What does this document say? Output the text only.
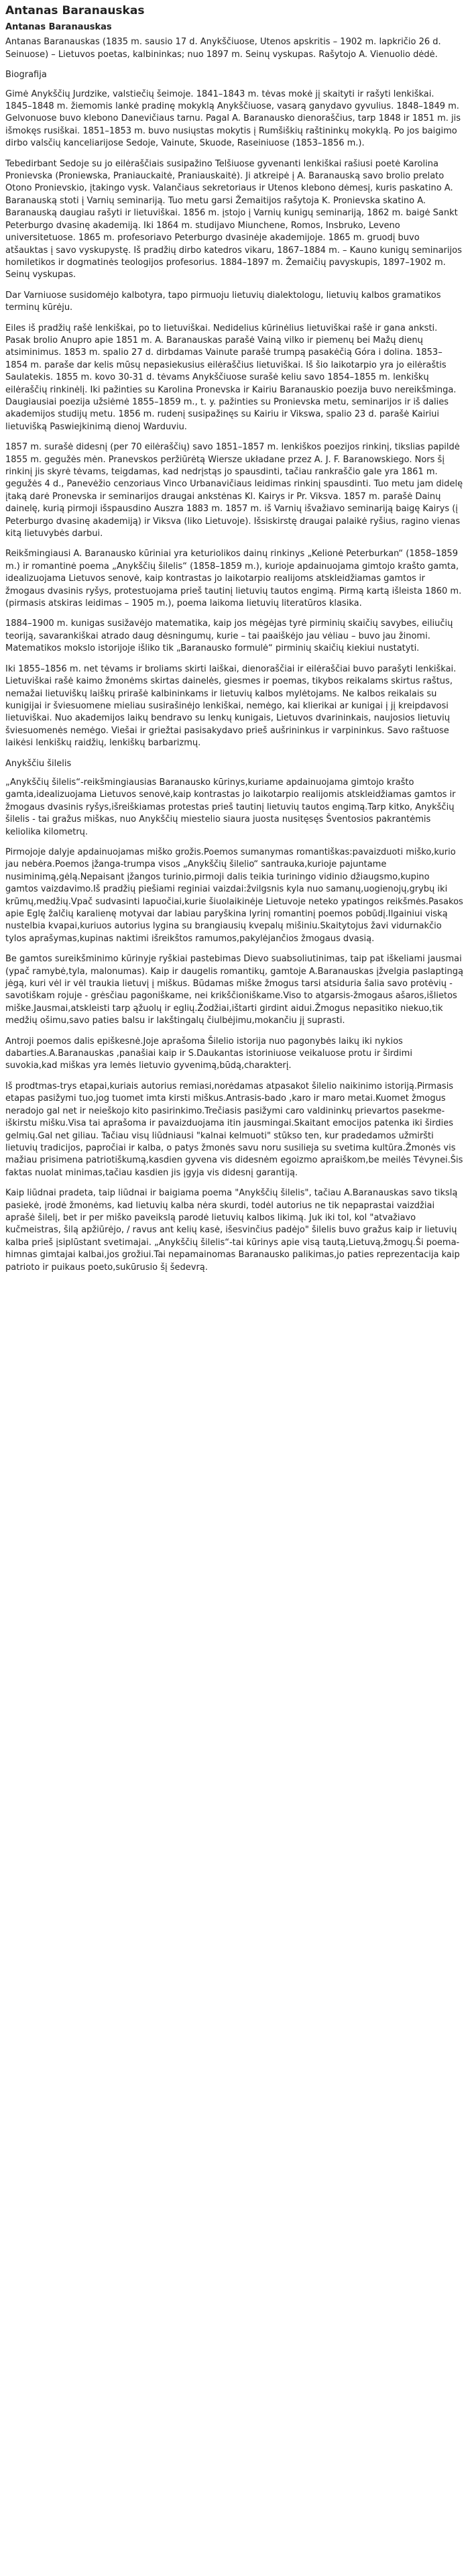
Antanas Baranauskas
Antanas Baranauskas

Antanas Baranauskas (1835 m. sausio 17 d. Anykščiuose, Utenos apskritis – 1902 m. lapkričio 26 d. Seinuose) – Lietuvos poetas, kalbininkas; nuo 1897 m. Seinų vyskupas. Rašytojo A. Vienuolio dėdė.

Biografija

Gimė Anykščių Jurdzike, valstiečių šeimoje. 1841–1843 m. tėvas mokė jį skaityti ir rašyti lenkiškai. 1845–1848 m. žiemomis lankė pradinę mokyklą Anykščiuose, vasarą ganydavo gyvulius. 1848–1849 m. Gelvonuose buvo klebono Danevičiaus tarnu. Pagal A. Baranausko dienoraščius, tarp 1848 ir 1851 m. jis išmokęs rusiškai. 1851–1853 m. buvo nusiųstas mokytis į Rumšiškių raštininkų mokyklą. Po jos baigimo dirbo valsčių kanceliarijose Sedoje, Vainute, Skuode, Raseiniuose (1853–1856 m.).

Tebedirbant Sedoje su jo eilėraščiais susipažino Telšiuose gyvenanti lenkiškai rašiusi poetė Karolina Pronievska (Proniewska, Praniauckaitė, Praniauskaitė). Ji atkreipė į A. Baranauską savo brolio prelato Otono Pronievskio, įtakingo vysk. Valančiaus sekretoriaus ir Utenos klebono dėmesį, kuris paskatino A. Baranauską stoti į Varnių seminariją. Tuo metu garsi Žemaitijos rašytoja K. Pronievska skatino A. Baranauską daugiau rašyti ir lietuviškai. 1856 m. įstojo į Varnių kunigų seminariją, 1862 m. baigė Sankt Peterburgo dvasinę akademiją. Iki 1864 m. studijavo Miunchene, Romos, Insbruko, Leveno universitetuose. 1865 m. profesoriavo Peterburgo dvasinėje akademijoje. 1865 m. gruodį buvo atšauktas į savo vyskupystę. Iš pradžių dirbo katedros vikaru, 1867–1884 m. – Kauno kunigų seminarijos homiletikos ir dogmatinės teologijos profesorius. 1884–1897 m. Žemaičių pavyskupis, 1897–1902 m. Seinų vyskupas.

Dar Varniuose susidomėjo kalbotyra, tapo pirmuoju lietuvių dialektologu, lietuvių kalbos gramatikos terminų kūrėju.

Eiles iš pradžių rašė lenkiškai, po to lietuviškai. Nedidelius kūrinėlius lietuviškai rašė ir gana anksti. Pasak brolio Anupro apie 1851 m. A. Baranauskas parašė Vainą vilko ir piemenų bei Mažų dienų atsiminimus. 1853 m. spalio 27 d. dirbdamas Vainute parašė trumpą pasakėčią Góra i dolina. 1853–1854 m. paraše dar kelis mūsų nepasiekusius eilėraščius lietuviškai. Iš šio laikotarpio yra jo eilėraštis Saulatekis. 1855 m. kovo 30-31 d. tėvams Anykščiuose surašė keliu savo 1854–1855 m. lenkiškų eilėraščių rinkinėlį. Iki pažinties su Karolina Pronevska ir Kairiu Baranauskio poezija buvo nereikšminga. Daugiausiai poezija užsiėmė 1855–1859 m., t. y. pažinties su Pronievska metu, seminarijos ir iš dalies akademijos studijų metu. 1856 m. rudenį susipažinęs su Kairiu ir Vikswa, spalio 23 d. parašė Kairiui lietuvišką Paswiejkinimą dienoj Warduviu.

1857 m. surašė didesnį (per 70 eilėraščių) savo 1851–1857 m. lenkiškos poezijos rinkinį, tikslias papildė 1855 m. gegužės mėn. Pranevskos peržiūrėtą Wiersze układane przez A. J. F. Baranowskiego. Nors šį rinkinį jis skyrė tėvams, teigdamas, kad nedrįstąs jo spausdinti, tačiau rankraščio gale yra 1861 m. gegužės 4 d., Panevėžio cenzoriaus Vinco Urbanavičiaus leidimas rinkinį spausdinti. Tuo metu jam didelę įtaką darė Pronevska ir seminarijos draugai ankstėnas Kl. Kairys ir Pr. Viksva. 1857 m. parašė Dainų dainelę, kurią pirmoji išspausdino Auszra 1883 m. 1857 m. iš Varnių išvažiavo seminariją baigę Kairys (į Peterburgo dvasinę akademiją) ir Viksva (liko Lietuvoje). Išsiskirstę draugai palaikė ryšius, ragino vienas kitą lietuvybės darbui.

Reikšmingiausi A. Baranausko kūriniai yra keturiolikos dainų rinkinys „Kelionė Peterburkan“ (1858–1859 m.) ir romantinė poema „Anykščių šilelis“ (1858–1859 m.), kurioje apdainuojama gimtojo krašto gamta, idealizuojama Lietuvos senovė, kaip kontrastas jo laikotarpio realijoms atskleidžiamas gamtos ir žmogaus dvasinis ryšys, protestuojama prieš tautinį lietuvių tautos engimą. Pirmą kartą išleista 1860 m. (pirmasis atskiras leidimas – 1905 m.), poema laikoma lietuvių literatūros klasika.

1884–1900 m. kunigas susižavėjo matematika, kaip jos mėgėjas tyrė pirminių skaičių savybes, eiliučių teoriją, savarankiškai atrado daug dėsningumų, kurie – tai paaiškėjo jau vėliau – buvo jau žinomi. Matematikos mokslo istorijoje išliko tik „Baranausko formulė“ pirminių skaičių kiekiui nustatyti.

Iki 1855–1856 m. net tėvams ir broliams skirti laiškai, dienoraščiai ir eilėraščiai buvo parašyti lenkiškai. Lietuviškai rašė kaimo žmonėms skirtas dainelės, giesmes ir poemas, tikybos reikalams skirtus raštus, nemažai lietuviškų laiškų prirašė kalbininkams ir lietuvių kalbos mylėtojams. Ne kalbos reikalais su kunigijai ir šviesuomene mieliau susirašinėjo lenkiškai, nemėgo, kai klierikai ar kunigai į jį kreipdavosi lietuviškai. Nuo akademijos laikų bendravo su lenkų kunigais, Lietuvos dvarininkais, naujosios lietuvių šviesuomenės nemėgo. Viešai ir griežtai pasisakydavo prieš aušrininkus ir varpininkus. Savo raštuose laikėsi lenkiškų raidžių, lenkiškų barbarizmų.

Anykščiu šilelis

„Anykščių šilelis“-reikšmingiausias Baranausko kūrinys,kuriame apdainuojama gimtojo krašto gamta,idealizuojama Lietuvos senovė,kaip kontrastas jo laikotarpio realijomis atskleidžiamas gamtos ir žmogaus dvasinis ryšys,išreiškiamas protestas prieš tautinį lietuvių tautos engimą.Tarp kitko, Anykščių šilelis - tai gražus miškas, nuo Anykščių miestelio siaura juosta nusitęsęs Šventosios pakrantėmis keliolika kilometrų.

Pirmojoje dalyje apdainuojamas miško grožis.Poemos sumanymas romantiškas:pavaizduoti miško,kurio jau nebėra.Poemos įžanga-trumpa visos „Anykščių šilelio“ santrauka,kurioje pajuntame nusiminimą,gėlą.Nepaisant įžangos turinio,pirmoji dalis teikia turiningo vidinio džiaugsmo,kupino gamtos vaizdavimo.Iš pradžių piešiami reginiai vaizdai:žvilgsnis kyla nuo samanų,uogienojų,grybų iki krūmų,medžių.Vpač sudvasinti lapuočiai,kurie šiuolaikinėje Lietuvoje neteko ypatingos reikšmės.Pasakos apie Eglę žalčių karalienę motyvai dar labiau paryškina lyrinį romantinį poemos pobūdį.Ilgainiui viską nustelbia kvapai,kuriuos autorius lygina su brangiausių kvepalų mišiniu.Skaitytojus žavi vidurnakčio tylos aprašymas,kupinas naktimi išreikštos ramumos,pakylėjančios žmogaus dvasią.

Be gamtos sureikšminimo kūrinyje ryškiai pastebimas Dievo suabsoliutinimas, taip pat iškeliami jausmai (ypač ramybė,tyla, malonumas). Kaip ir daugelis romantikų, gamtoje A.Baranauskas įžvelgia paslaptingą jėgą, kuri vėl ir vėl traukia lietuvį į miškus. Būdamas miške žmogus tarsi atsiduria šalia savo protėvių - savotiškam rojuje - grėsčiau pagoniškame, nei krikščioniškame.Viso to atgarsis-žmogaus ašaros,išlietos miške.Jausmai,atskleisti tarp ąžuolų ir eglių.Žodžiai,ištarti girdint aidui.Žmogus nepasitiko niekuo,tik medžių ošimu,savo paties balsu ir lakštingalų čiulbėjimu,mokančiu jį suprasti.

Antroji poemos dalis epiškesnė.Joje aprašoma Šilelio istorija nuo pagonybės laikų iki nykios dabarties.A.Baranauskas ,panašiai kaip ir S.Daukantas istoriniuose veikaluose protu ir širdimi suvokia,kad miškas yra lemės lietuvio gyvenimą,būdą,charakterį.

Iš prodtmas-trys etapai,kuriais autorius remiasi,norėdamas atpasakot šilelio naikinimo istoriją.Pirmasis etapas pasižymi tuo,jog tuomet imta kirsti miškus.Antrasis-bado ,karo ir maro metai.Kuomet žmogus neradojo gal net ir neieškojo kito pasirinkimo.Trečiasis pasižymi caro valdininkų prievartos pasekme-iškirstu mišku.Visa tai aprašoma ir pavaizduojama itin jausmingai.Skaitant emocijos patenka iki širdies gelmių.Gal net giliau. Tačiau visų liūdniausi "kalnai kelmuoti" stūkso ten, kur pradedamos užmiršti lietuvių tradicijos, papročiai ir kalba, o patys žmonės savu noru susilieja su svetima kultūra.Žmonės vis mažiau prisimena patriotiškumą,kasdien gyvena vis didesnėm egoizmo apraiškom,be meilės Tėvynei.Šis faktas nuolat minimas,tačiau kasdien jis įgyja vis didesnį garantiją.

Kaip liūdnai pradeta, taip liūdnai ir baigiama poema "Anykščių šilelis", tačiau A.Baranauskas savo tikslą pasiekė, įrodė žmonėms, kad lietuvių kalba nėra skurdi, todėl autorius ne tik nepaprastai vaizdžiai aprašė šilelį, bet ir per miško paveikslą parodė lietuvių kalbos likimą. Juk iki tol, kol "atvažiavo kučmeistras, šilą apžiūrėjo, / ravus ant kelių kasė, išesvinčius padėjo" šilelis buvo gražus kaip ir lietuvių kalba prieš įsiplūstant svetimajai. „Anykščių šilelis“-tai kūrinys apie visą tautą,Lietuvą,žmogų.Ši poema-himnas gimtajai kalbai,jos grožiui.Tai nepamainomas Baranausko palikimas,jo paties reprezentacija kaip patrioto ir puikaus poeto,sukūrusio šį šedevrą.
